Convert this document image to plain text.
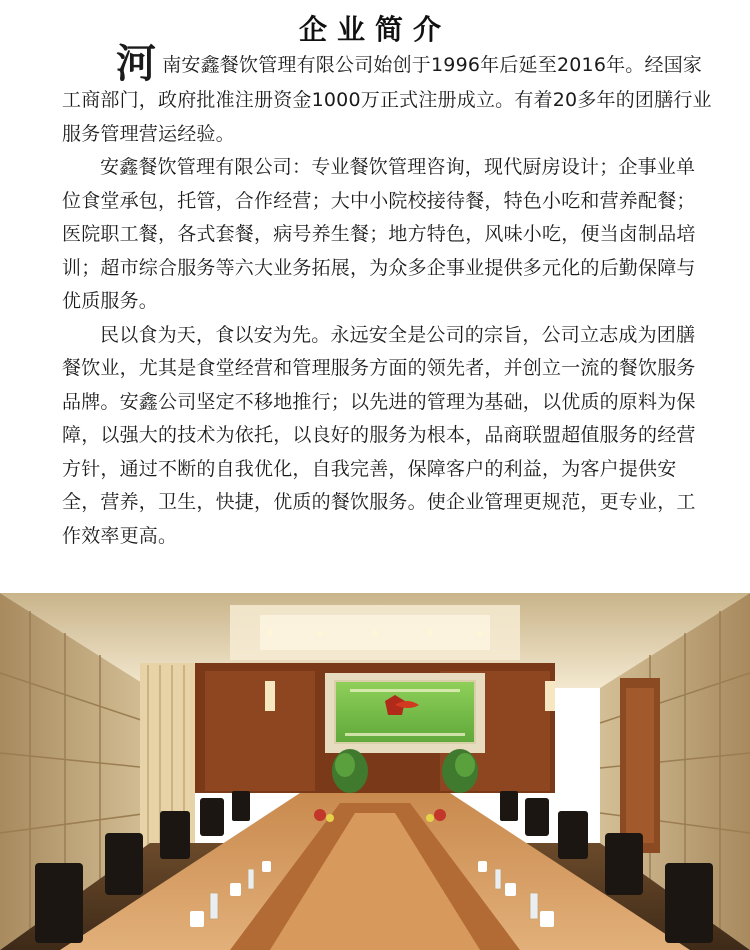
企业简介

河南安鑫餐饮管理有限公司始创于1996年后延至2016年。经国家工商部门，政府批准注册资金1000万正式注册成立。有着20多年的团膳行业服务管理营运经验。

安鑫餐饮管理有限公司：专业餐饮管理咨询，现代厨房设计；企事业单位食堂承包，托管，合作经营；大中小院校接待餐，特色小吃和营养配餐；医院职工餐，各式套餐，病号养生餐；地方特色，风味小吃，便当卤制品培训；超市综合服务等六大业务拓展，为众多企事业提供多元化的后勤保障与优质服务。

民以食为天，食以安为先。永远安全是公司的宗旨，公司立志成为团膳餐饮业，尤其是食堂经营和管理服务方面的领先者，并创立一流的餐饮服务品牌。安鑫公司坚定不移地推行；以先进的管理为基础，以优质的原料为保障，以强大的技术为依托，以良好的服务为根本，品商联盟超值服务的经营方针，通过不断的自我优化，自我完善，保障客户的利益，为客户提供安全，营养，卫生，快捷，优质的餐饮服务。使企业管理更规范，更专业，工作效率更高。
